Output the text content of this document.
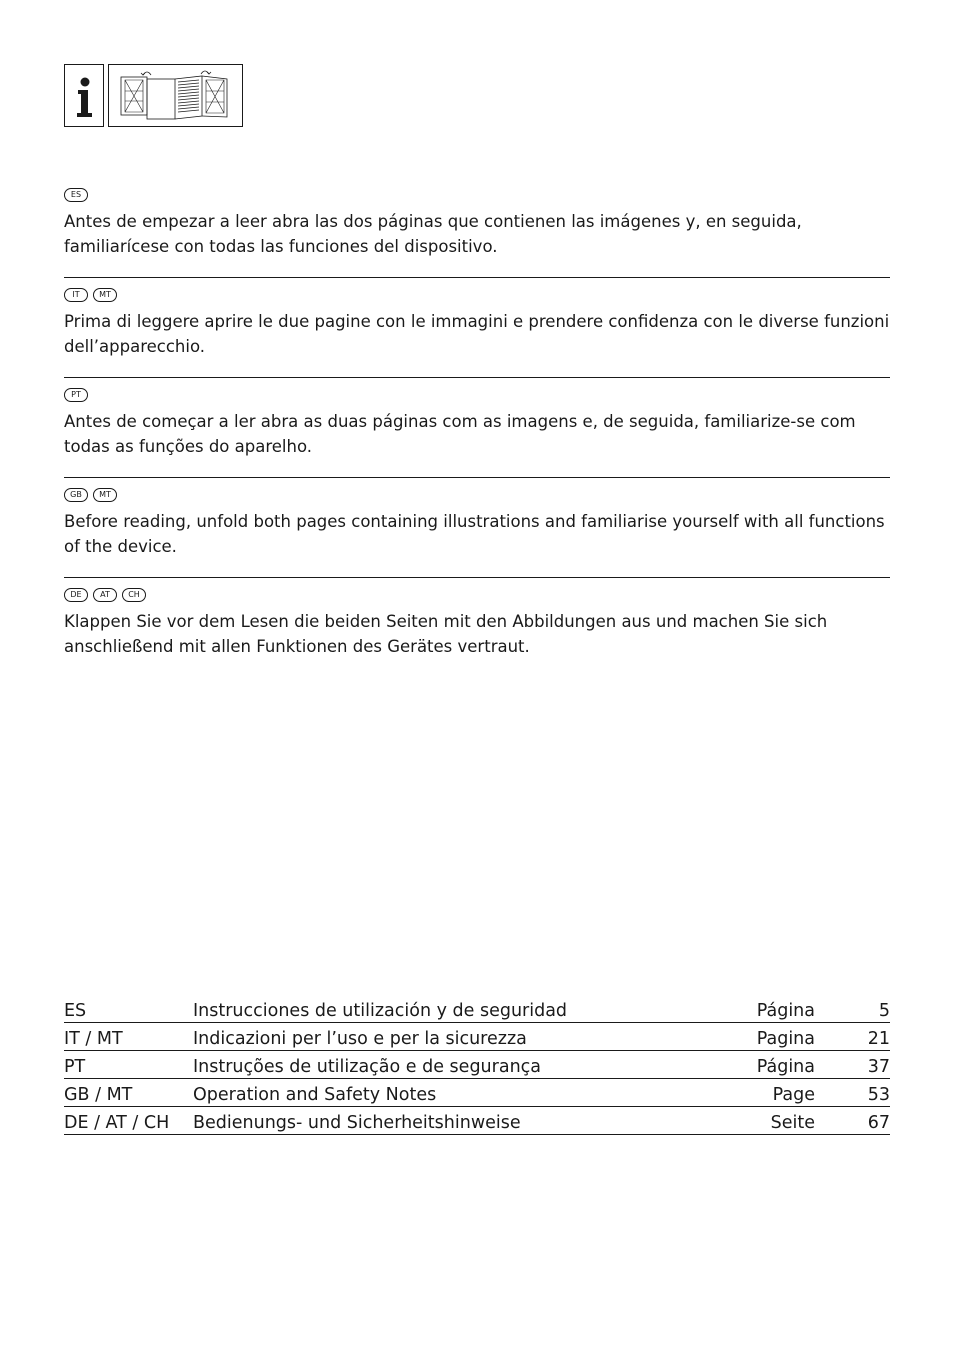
ES

Antes de empezar a leer abra las dos páginas que contienen las imágenes y, en seguida, familiarícese con todas las funciones del dispositivo.

IT	MT

Prima di leggere aprire le due pagine con le immagini e prendere confidenza con le diverse funzioni dell’apparecchio.

PT

Antes de começar a ler abra as duas páginas com as imagens e, de seguida, familiarize-se com todas as funções do aparelho.

GB	MT

Before reading, unfold both pages containing illustrations and familiarise yourself with all functions of the device.

DE	AT	CH

Klappen Sie vor dem Lesen die beiden Seiten mit den Abbildungen aus und machen Sie sich anschließend mit allen Funktionen des Gerätes vertraut.

ES	Instrucciones de utilización y de seguridad	Página	5
IT / MT	Indicazioni per l’uso e per la sicurezza	Pagina	21
PT	Instruções de utilização e de segurança	Página	37
GB / MT	Operation and Safety Notes	Page	53
DE / AT / CH	Bedienungs- und Sicherheitshinweise	Seite	67
